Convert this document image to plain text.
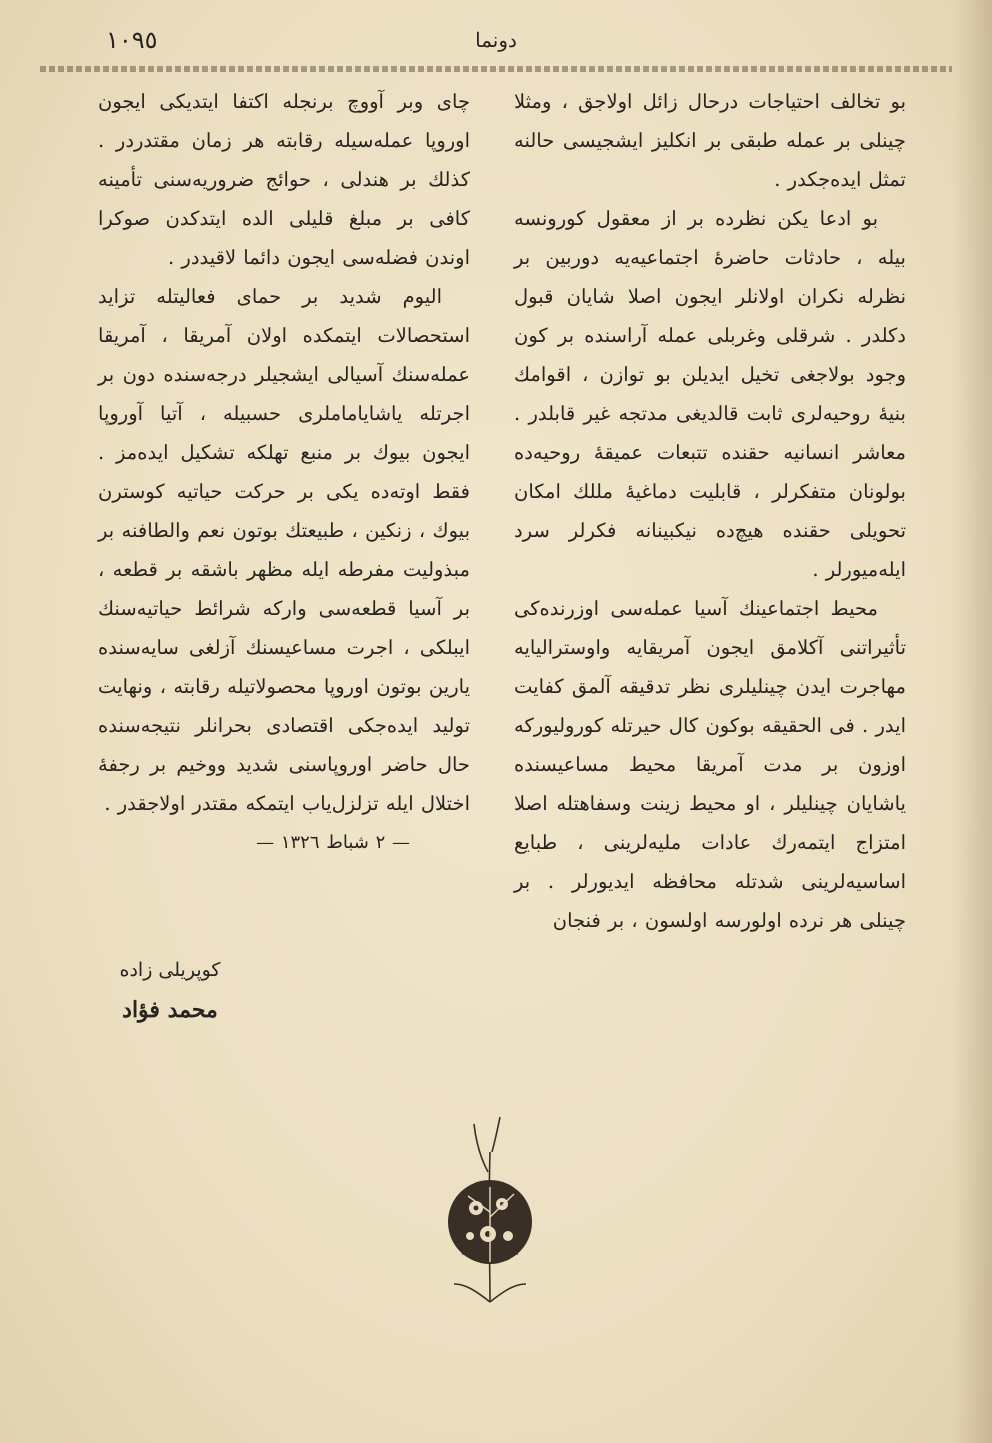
دونما
١٠٩٥

بو تخالف احتیاجات درحال زائل اولاجق ، ومثلا چینلی بر عمله طبقی بر انکلیز ایشجیسی حالنه تمثل ایده‌جکدر .

بو ادعا یکن نظرده بر از معقول کورونسه بیله ، حادثات حاضرهٔ اجتماعیه‌یه دوربین بر نظرله نکران اولانلر ایجون اصلا شایان قبول دکلدر . شرقلی وغربلی عمله آراسنده بر کون وجود بولاجغی تخیل ایدیلن بو توازن ، اقوامك بنیهٔ روحیه‌لری ثابت قالدیغی مدتجه غیر قابلدر . معاشر انسانیه حقنده تتبعات عمیقهٔ روحیه‌ده بولونان متفکرلر ، قابلیت دماغیهٔ مللك امکان تحویلی حقنده هیچ‌ده نیکبینانه فکرلر سرد ایله‌میورلر .

محیط اجتماعینك آسیا عمله‌سی اوزرنده‌کی تأثیراتنی آکلامق ایجون آمریقایه واوسترالیایه مهاجرت ایدن چینلیلری نظر تدقیقه آلمق کفایت ایدر . فی الحقیقه بوکون کال حیرتله کورولیورکه اوزون بر مدت آمریقا محیط مساعیسنده یاشایان چینلیلر ، او محیط زینت وسفاهتله اصلا امتزاج ایتمه‌رك عادات ملیه‌لرینی ، طبایع اساسیه‌لرینی شدتله محافظه ایدیورلر . بر چینلی هر نرده اولورسه اولسون ، بر فنجان

چای وبر آووچ برنجله اکتفا ایتدیکی ایجون اوروپا عمله‌سیله رقابته هر زمان مقتدردر . کذلك بر هندلی ، حوائج ضروریه‌سنی تأمینه کافی بر مبلغ قلیلی الده ایتدکدن صوکرا اوندن فضله‌سی ایجون دائما لاقیددر .

الیوم شدید بر حمای فعالیتله تزاید استحصالات ایتمکده اولان آمریقا ، آمریقا عمله‌سنك آسیالی ایشجیلر درجه‌سنده دون بر اجرتله یاشایاماملری حسبیله ، آتیا آوروپا ایجون بیوك بر منبع تهلکه تشکیل ایده‌مز . فقط اوته‌ده یکی بر حرکت حیاتیه کوسترن بیوك ، زنکین ، طبیعتك بوتون نعم والطافنه بر مبذولیت مفرطه ایله مظهر باشقه بر قطعه ، بر آسیا قطعه‌سی وارکه شرائط حیاتیه‌سنك ایبلکی ، اجرت مساعیسنك آزلغی سایه‌سنده یارین بوتون اوروپا محصولاتیله رقابته ، ونهایت تولید ایده‌جکی اقتصادی بحرانلر نتیجه‌سنده حال حاضر اوروپاسنی شدید ووخیم بر رجفهٔ اختلال ایله تزلزل‌یاب ایتمکه مقتدر اولاجقدر .

— ٢ شباط ١٣٢٦ —

کوپریلی زاده
محمد فؤاد
